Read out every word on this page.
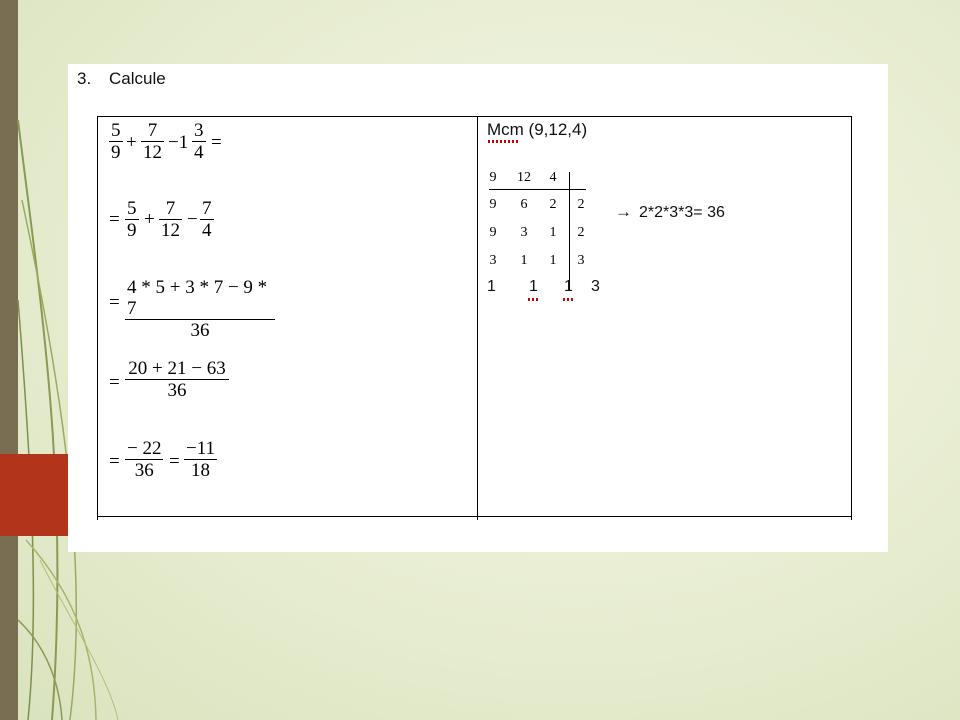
3. Calcule
5
9 +
7
12 −1
3
4 =
=
5
9
+
7
12
−
7
4
=
4 * 5 + 3 * 7 − 9 * 7
36
=
20 + 21 − 63
36
=
− 22
36 =
−11
18
Mcm (9,12,4)
9	12	4
9	6	2	2
9	3	1	2
3	1	1	3
1 1 1 3
→ 2*2*3*3= 36
